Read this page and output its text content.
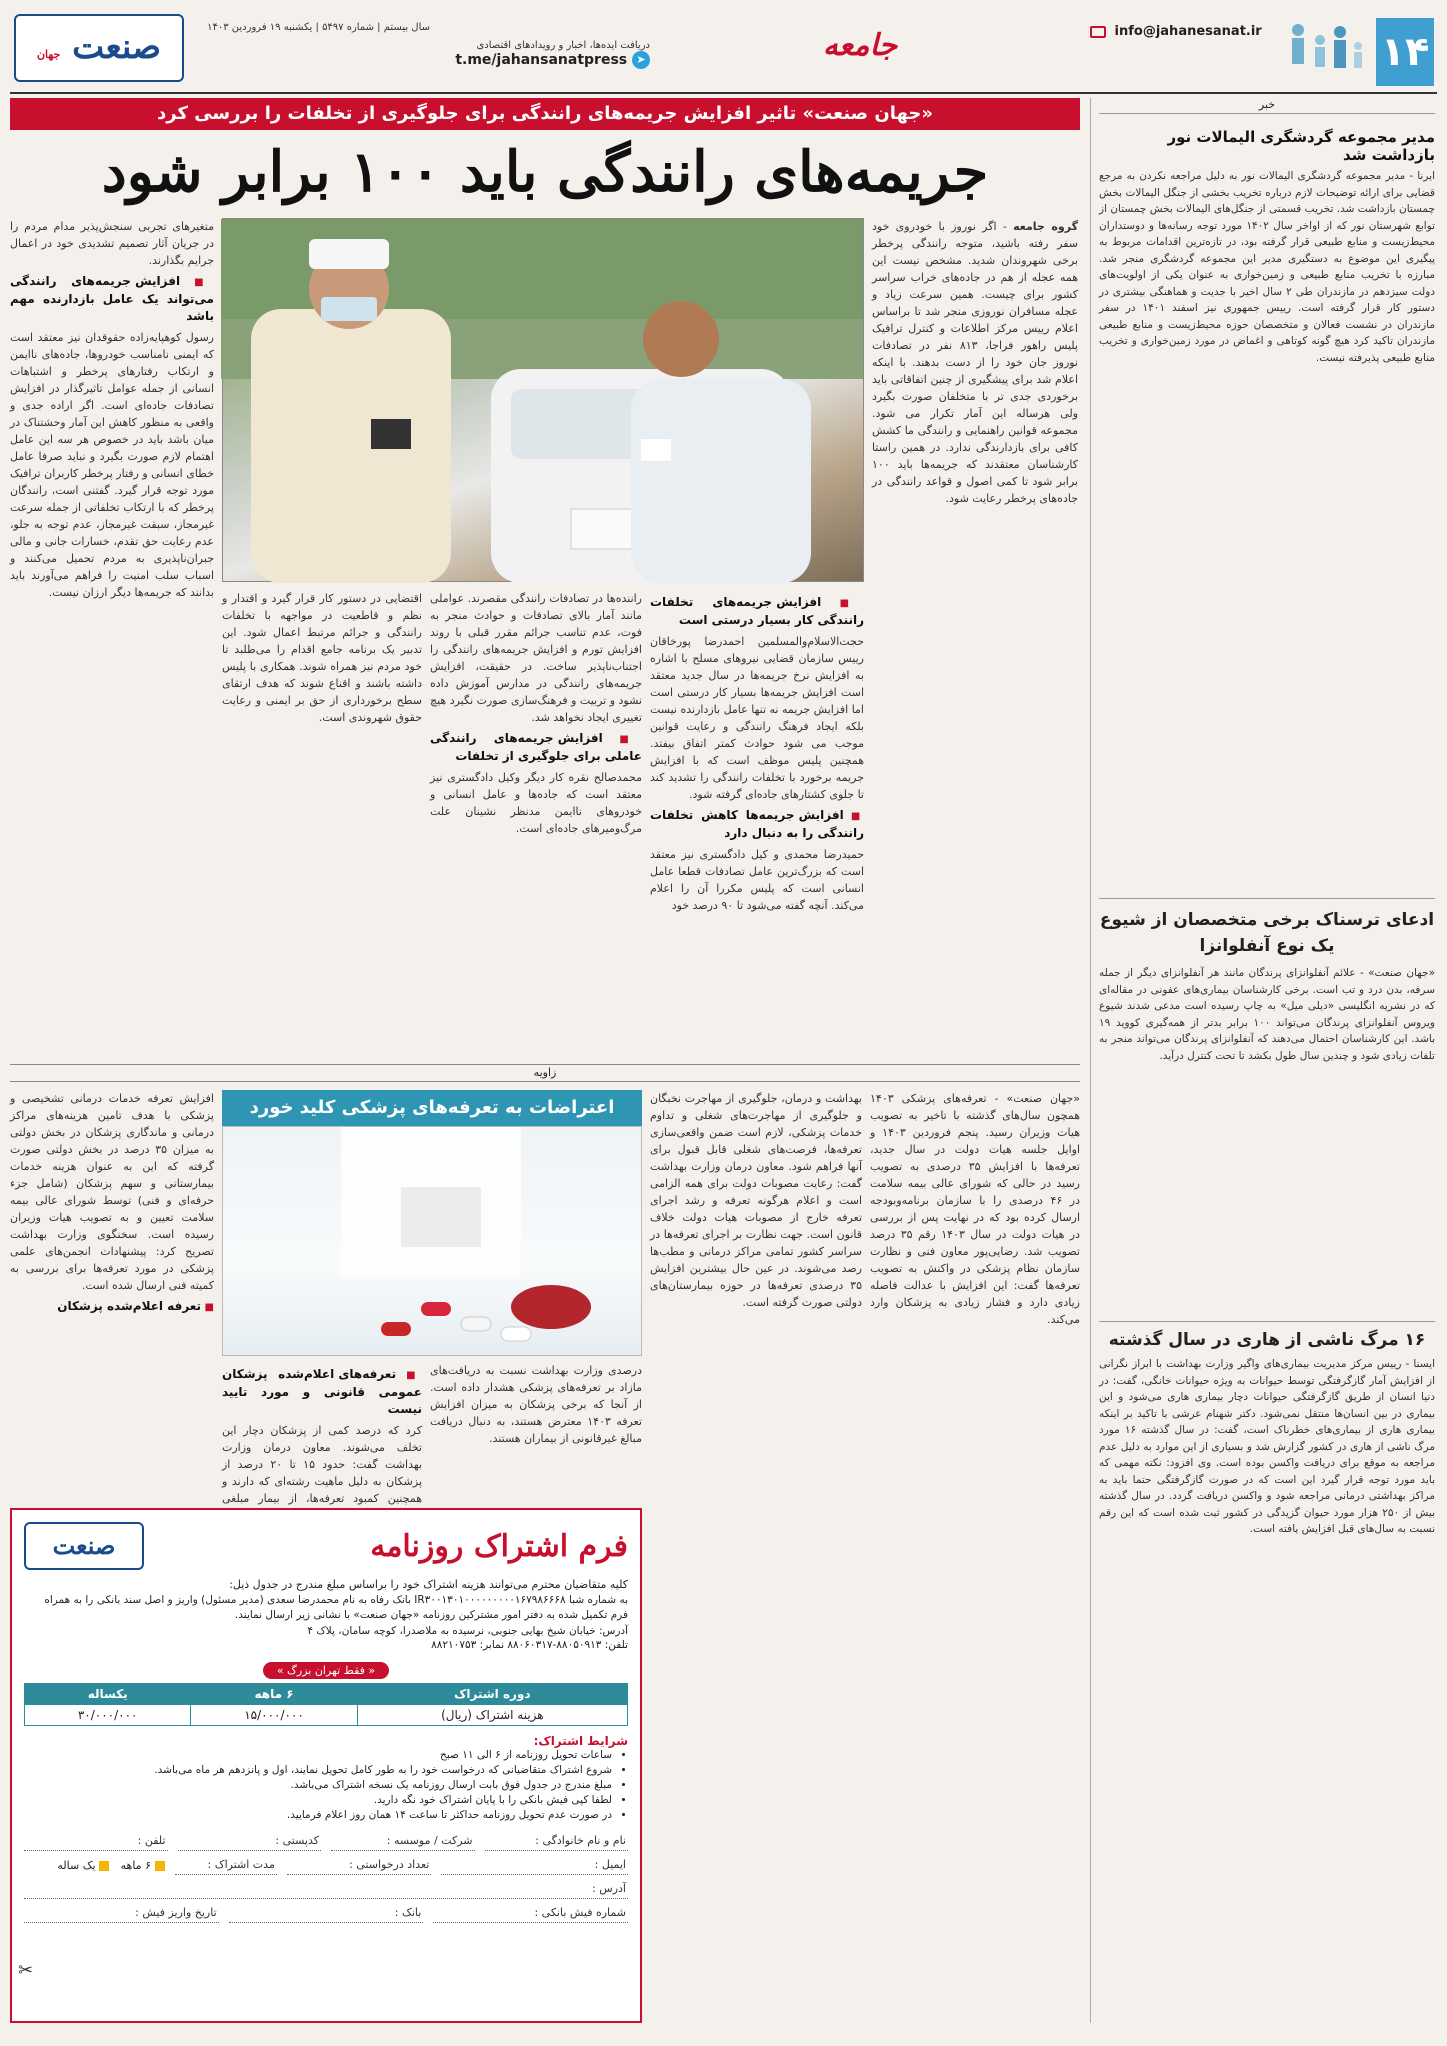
۱۴
info@jahanesanat.ir
جامعه
دریافت ایده‌ها، اخبار و رویدادهای اقتصادی
t.me/jahansanatpress ➤
سال بیستم | شماره ۵۴۹۷ | یکشنبه ۱۹ فروردین ۱۴۰۳
صنعت جهان
خبر
مدیر مجموعه گردشگری الیمالات نور بازداشت شد
ایرنا - مدیر مجموعه گردشگری الیمالات نور به دلیل مراجعه نکردن به مرجع قضایی برای ارائه توضیحات لازم درباره تخریب بخشی از جنگل الیمالات بخش چمستان بازداشت شد. تخریب قسمتی از جنگل‌های الیمالات بخش چمستان از توابع شهرستان نور که از اواخر سال ۱۴۰۲ مورد توجه رسانه‌ها و دوستداران محیط‌زیست و منابع طبیعی قرار گرفته بود، در تازه‌ترین اقدامات مربوط به پیگیری این موضوع به دستگیری مدیر این مجموعه گردشگری منجر شد. مبارزه با تخریب منابع طبیعی و زمین‌خواری به عنوان یکی از اولویت‌های دولت سیزدهم در مازندران طی ۲ سال اخیر با جدیت و هماهنگی بیشتری در دستور کار قرار گرفته است. رییس جمهوری نیز اسفند ۱۴۰۱ در سفر مازندران در نشست فعالان و متخصصان حوزه محیط‌زیست و منابع طبیعی مازندران تاکید کرد هیچ گونه کوتاهی و اغماض در مورد زمین‌خواری و تخریب منابع طبیعی پذیرفته نیست.
ادعای ترسناک برخی متخصصان از شیوع یک نوع آنفلوانزا
«جهان صنعت» - علائم آنفلوانزای پرندگان مانند هر آنفلوانزای دیگر از جمله سرفه، بدن درد و تب است. برخی کارشناسان بیماری‌های عفونی در مقاله‌ای که در نشریه انگلیسی «دیلی میل» به چاپ رسیده است مدعی شدند شیوع ویروس آنفلوانزای پرندگان می‌تواند ۱۰۰ برابر بدتر از همه‌گیری کووید ۱۹ باشد. این کارشناسان احتمال می‌دهند که آنفلوانزای پرندگان می‌تواند منجر به تلفات زیادی شود و چندین سال طول بکشد تا تحت کنترل درآید.
۱۶ مرگ ناشی از هاری در سال گذشته
ایسنا - رییس مرکز مدیریت بیماری‌های واگیر وزارت بهداشت با ابراز نگرانی از افزایش آمار گازگرفتگی توسط حیوانات به ویژه حیوانات خانگی، گفت: در دنیا انسان از طریق گازگرفتگی حیوانات دچار بیماری هاری می‌شود و این بیماری در بین انسان‌ها منتقل نمی‌شود. دکتر شهنام عرشی با تاکید بر اینکه بیماری هاری از بیماری‌های خطرناک است، گفت: در سال گذشته ۱۶ مورد مرگ ناشی از هاری در کشور گزارش شد و بسیاری از این موارد به دلیل عدم مراجعه به موقع برای دریافت واکسن بوده است. وی افزود: نکته مهمی که باید مورد توجه قرار گیرد این است که در صورت گازگرفتگی حتما باید به مراکز بهداشتی درمانی مراجعه شود و واکسن دریافت گردد. در سال گذشته بیش از ۲۵۰ هزار مورد حیوان گزیدگی در کشور ثبت شده است که این رقم نسبت به سال‌های قبل افزایش یافته است.
«جهان صنعت» تاثیر افزایش جریمه‌های رانندگی برای جلوگیری از تخلفات را بررسی کرد
جریمه‌های رانندگی باید ۱۰۰ برابر شود

گروه جامعه - اگر نوروز با خودروی خود سفر رفته باشید، متوجه رانندگی پرخطر برخی شهروندان شدید. مشخص نیست این همه عجله از هم در جاده‌های خراب سراسر کشور برای چیست. همین سرعت زیاد و عجله مسافران نوروزی منجر شد تا براساس اعلام رییس مرکز اطلاعات و کنترل ترافیک پلیس راهور فراجا، ۸۱۳ نفر در تصادفات نوروز جان خود را از دست بدهند. با اینکه اعلام شد برای پیشگیری از چنین اتفاقاتی باید برخوردی جدی تر با متخلفان صورت بگیرد ولی هرساله این آمار تکرار می شود. مجموعه قوانین راهنمایی و رانندگی ما کشش کافی برای بازدارندگی ندارد. در همین راستا کارشناسان معتقدند که جریمه‌ها باید ۱۰۰ برابر شود تا کمی اصول و قواعد رانندگی در جاده‌های پرخطر رعایت شود.

■ افزایش جریمه‌های تخلفات رانندگی کار بسیار درستی است

حجت‌الاسلام‌والمسلمین احمدرضا پورخاقان رییس سازمان قضایی نیروهای مسلح با اشاره به افزایش نرخ جریمه‌ها در سال جدید معتقد است افزایش جریمه‌ها بسیار کار درستی است اما افزایش جریمه نه تنها عامل بازدارنده نیست بلکه ایجاد فرهنگ رانندگی و رعایت قوانین موجب می شود حوادث کمتر اتفاق بیفتد. همچنین پلیس موظف است که با افزایش جریمه برخورد با تخلفات رانندگی را تشدید کند تا جلوی کشتارهای جاده‌ای گرفته شود.

■ افزایش جریمه‌ها کاهش تخلفات رانندگی را به دنبال دارد

حمیدرضا محمدی و کیل دادگستری نیز معتقد است که بزرگ‌ترین عامل تصادفات قطعا عامل انسانی است که پلیس مکررا آن را اعلام می‌کند. آنچه گفته می‌شود تا ۹۰ درصد خود

راننده‌ها در تصادفات رانندگی مقصرند. عواملی مانند آمار بالای تصادفات و حوادث منجر به فوت، عدم تناسب جرائم مقرر قبلی با روند افزایش تورم و افزایش جریمه‌های رانندگی را اجتناب‌ناپذیر ساخت. در حقیقت، افزایش جریمه‌های رانندگی در مدارس آموزش داده نشود و تربیت و فرهنگ‌سازی صورت نگیرد هیچ تغییری ایجاد نخواهد شد.

■ افزایش جریمه‌های رانندگی عاملی برای جلوگیری از تخلفات

محمدصالح نقره کار دیگر وکیل دادگستری نیز معتقد است که جاده‌ها و عامل انسانی و خودروهای ناایمن مدنظر نشینان علت مرگ‌ومیرهای جاده‌ای است.

اقتضایی در دستور کار قرار گیرد و اقتدار و نظم و قاطعیت در مواجهه با تخلفات رانندگی و جرائم مرتبط اعمال شود. این تدبیر یک برنامه جامع اقدام را می‌طلبد تا خود مردم نیز همراه شوند. همکاری با پلیس داشته باشند و اقناع شوند که هدف ارتقای سطح برخورداری از حق بر ایمنی و رعایت حقوق شهروندی است.

متغیرهای تجربی سنجش‌پذیر مدام مردم را در جریان آثار تصمیم تشدیدی خود در اعمال جرایم بگذارند.

■ افزایش جریمه‌های رانندگی می‌تواند یک عامل بازدارنده مهم باشد

رسول کوهپایه‌زاده حقوقدان نیز معتقد است که ایمنی نامناسب خودروها، جاده‌های ناایمن و ارتکاب رفتارهای پرخطر و اشتباهات انسانی از جمله عوامل تاثیرگذار در افزایش تصادفات جاده‌ای است. اگر اراده جدی و واقعی به منظور کاهش این آمار وحشتناک در میان باشد باید در خصوص هر سه این عامل اهتمام لازم صورت بگیرد و نباید صرفا عامل خطای انسانی و رفتار پرخطر کاربران ترافیک مورد توجه قرار گیرد. گفتنی است، رانندگان پرخطر که با ارتکاب تخلفاتی از جمله سرعت غیرمجاز، سبقت غیرمجاز، عدم توجه به جلو، عدم رعایت حق تقدم، خسارات جانی و مالی جبران‌ناپذیری به مردم تحمیل می‌کنند و اسباب سلب امنیت را فراهم می‌آورند باید بدانند که جریمه‌ها دیگر ارزان نیست.

زاویه
«جهان صنعت» - تعرفه‌های پزشکی ۱۴۰۳ همچون سال‌های گذشته با تاخیر به تصویب هیات وزیران رسید. پنجم فروردین ۱۴۰۳ و اوایل جلسه هیات دولت در سال جدید، تعرفه‌ها با افزایش ۳۵ درصدی به تصویب رسید در حالی که شورای عالی بیمه سلامت در ۴۶ درصدی را با سازمان برنامه‌وبودجه ارسال کرده بود که در نهایت پس از بررسی در هیات دولت در سال ۱۴۰۳ رقم ۳۵ درصد تصویب شد. رضایی‌پور معاون فنی و نظارت سازمان نظام پزشکی در واکنش به تصویب تعرفه‌ها گفت: این افزایش با عدالت فاصله زیادی دارد و فشار زیادی به پزشکان وارد می‌کند.
بهداشت و درمان، جلوگیری از مهاجرت نخبگان و جلوگیری از مهاجرت‌های شغلی و تداوم خدمات پزشکی، لازم است ضمن واقعی‌سازی تعرفه‌ها، فرصت‌های شغلی قابل قبول برای آنها فراهم شود. معاون درمان وزارت بهداشت گفت: رعایت مصوبات دولت برای همه الزامی است و اعلام هرگونه تعرفه و رشد اجرای تعرفه خارج از مصوبات هیات دولت خلاف قانون است. جهت نظارت بر اجرای تعرفه‌ها در سراسر کشور تمامی مراکز درمانی و مطب‌ها رصد می‌شوند. در عین حال بیشترین افزایش ۳۵ درصدی تعرفه‌ها در حوزه بیمارستان‌های دولتی صورت گرفته است.
اعتراضات به تعرفه‌های پزشکی کلید خورد

درصدی وزارت بهداشت نسبت به دریافت‌های مازاد بر تعرفه‌های پزشکی هشدار داده است. از آنجا که برخی پزشکان به میزان افزایش تعرفه ۱۴۰۳ معترض هستند، به دنبال دریافت مبالغ غیرقانونی از بیماران هستند.

■ تعرفه‌های اعلام‌شده پزشکان عمومی قانونی و مورد تایید نیست

کرد که درصد کمی از پزشکان دچار این تخلف می‌شوند. معاون درمان وزارت بهداشت گفت: حدود ۱۵ تا ۲۰ درصد از پزشکان به دلیل ماهیت رشته‌ای که دارند و همچنین کمبود تعرفه‌ها، از بیمار مبلغی

افزایش تعرفه خدمات درمانی تشخیصی و پزشکی با هدف تامین هزینه‌های مراکز درمانی و ماندگاری پزشکان در بخش دولتی به میزان ۳۵ درصد در بخش دولتی صورت گرفته که این به عنوان هزینه خدمات بیمارستانی و سهم پزشکان (شامل جزء حرفه‌ای و فنی) توسط شورای عالی بیمه سلامت تعیین و به تصویب هیات وزیران رسیده است. سخنگوی وزارت بهداشت تصریح کرد: پیشنهادات انجمن‌های علمی پزشکی در مورد تعرفه‌ها برای بررسی به کمیته فنی ارسال شده است.

■ تعرفه اعلام‌شده پزشکان
فرم اشتراک روزنامه
صنعت
کلیه متقاضیان محترم می‌توانند هزینه اشتراک خود را براساس مبلغ مندرج در جدول ذیل:
به شماره شبا IR۳۰۰۱۳۰۱۰۰۰۰۰۰۰۰۰۱۶۷۹۸۶۶۶۸ بانک رفاه به نام محمدرضا سعدی (مدیر مسئول) واریز و اصل سند بانکی را به همراه فرم تکمیل شده به دفتر امور مشترکین روزنامه «جهان صنعت» با نشانی زیر ارسال نمایند.
آدرس: خیابان شیخ بهایی جنوبی، نرسیده به ملاصدرا، کوچه سامان، پلاک ۴
تلفن: ۸۸۰۵۰۹۱۳-۸۸۰۶۰۳۱۷ نمابر: ۸۸۲۱۰۷۵۳
« فقط تهران بزرگ »
دوره اشتراک	۶ ماهه	یکساله
هزینه اشتراک (ریال)	۱۵/۰۰۰/۰۰۰	۳۰/۰۰۰/۰۰۰
شرایط اشتراک:
• ساعات تحویل روزنامه از ۶ الی ۱۱ صبح
• شروع اشتراک متقاضیانی که درخواست خود را به طور کامل تحویل نمایند، اول و پانزدهم هر ماه می‌باشد.
• مبلغ مندرج در جدول فوق بابت ارسال روزنامه یک نسخه اشتراک می‌باشد.
• لطفا کپی فیش بانکی را با پایان اشتراک خود نگه دارید.
• در صورت عدم تحویل روزنامه حداکثر تا ساعت ۱۴ همان روز اعلام فرمایید.
نام و نام خانوادگی :
شرکت / موسسه :
کدپستی :
تلفن :
ایمیل :
تعداد درخواستی :
مدت اشتراک :
۶ ماهه  یک ساله
آدرس :
شماره فیش بانکی :
بانک :
تاریخ واریز فیش :
✂
